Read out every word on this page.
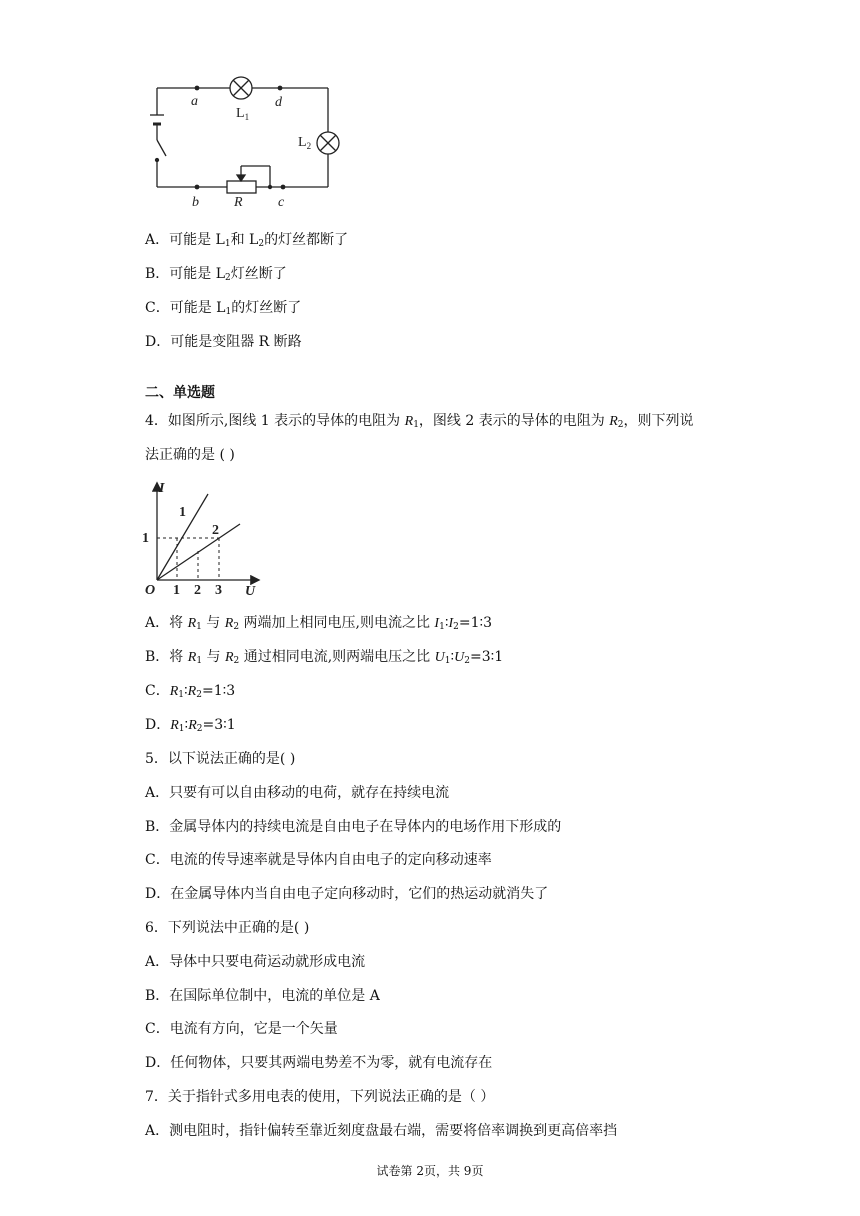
a	d
b	c
R
$L_1$
$L_2$
A．可能是 $L_1$和 $L_2$的灯丝都断了
B．可能是 $L_2$灯丝断了
C．可能是 $L_1$的灯丝断了
D．可能是变阻器 R 断路
二、单选题
4．如图所示,图线 1 表示的导体的电阻为 $R_1$，图线 2 表示的导体的电阻为 $R_2$，则下列说
法正确的是 ( )
I
U
O
1
2
1
1 2 3
A．将 $R_1$ 与 $R_2$ 两端加上相同电压,则电流之比 $I_1∶I_2=1∶3$
B．将 $R_1$ 与 $R_2$ 通过相同电流,则两端电压之比 $U_1∶U_2=3∶1$
C．$R_1∶R_2=1∶3$
D．$R_1∶R_2=3∶1$
5．以下说法正确的是( )
A．只要有可以自由移动的电荷，就存在持续电流
B．金属导体内的持续电流是自由电子在导体内的电场作用下形成的
C．电流的传导速率就是导体内自由电子的定向移动速率
D．在金属导体内当自由电子定向移动时，它们的热运动就消失了
6．下列说法中正确的是( )
A．导体中只要电荷运动就形成电流
B．在国际单位制中，电流的单位是 A
C．电流有方向，它是一个矢量
D．任何物体，只要其两端电势差不为零，就有电流存在
7．关于指针式多用电表的使用，下列说法正确的是（ ）
A．测电阻时，指针偏转至靠近刻度盘最右端，需要将倍率调换到更高倍率挡
试卷第 2页，共 9页
